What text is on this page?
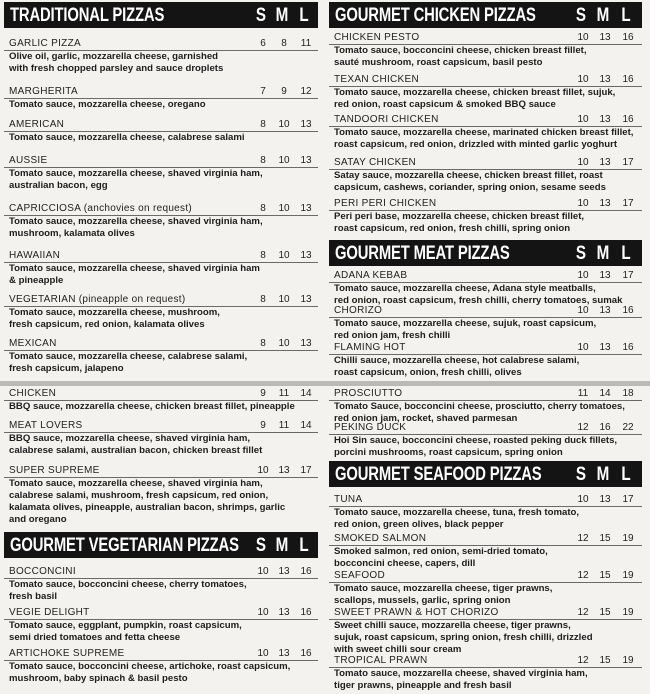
TRADITIONAL PIZZAS	S M L
GARLIC PIZZA	6	8	11
Olive oil, garlic, mozzarella cheese, garnished
with fresh chopped parsley and sauce droplets
MARGHERITA	7	9	12
Tomato sauce, mozzarella cheese, oregano
AMERICAN	8	10	13
Tomato sauce, mozzarella cheese, calabrese salami
AUSSIE	8	10	13
Tomato sauce, mozzarella cheese, shaved virginia ham,
australian bacon, egg
CAPRICCIOSA (anchovies on request)	8	10	13
Tomato sauce, mozzarella cheese, shaved virginia ham,
mushroom, kalamata olives
HAWAIIAN	8	10	13
Tomato sauce, mozzarella cheese, shaved virginia ham
& pineapple
VEGETARIAN (pineapple on request)	8	10	13
Tomato sauce, mozzarella cheese, mushroom,
fresh capsicum, red onion, kalamata olives
MEXICAN	8	10	13
Tomato sauce, mozzarella cheese, calabrese salami,
fresh capsicum, jalapeno
CHICKEN	9	11	14
BBQ sauce, mozzarella cheese, chicken breast fillet, pineapple
MEAT LOVERS	9	11	14
BBQ sauce, mozzarella cheese, shaved virginia ham,
calabrese salami, australian bacon, chicken breast fillet
SUPER SUPREME	10 13	17
Tomato sauce, mozzarella cheese, shaved virginia ham,
calabrese salami, mushroom, fresh capsicum, red onion,
kalamata olives, pineapple, australian bacon, shrimps, garlic
and oregano
GOURMET VEGETARIAN PIZZAS S M L
BOCCONCINI	10 13	16
Tomato sauce, bocconcini cheese, cherry tomatoes,
fresh basil
VEGIE DELIGHT	10 13	16
Tomato sauce, eggplant, pumpkin, roast capsicum,
semi dried tomatoes and fetta cheese
ARTICHOKE SUPREME	10 13	16
Tomato sauce, bocconcini cheese, artichoke, roast capsicum,
mushroom, baby spinach & basil pesto
GOURMET CHICKEN PIZZAS S M L
CHICKEN PESTO	10	13	16
Tomato sauce, bocconcini cheese, chicken breast fillet,
sauté mushroom, roast capsicum, basil pesto
TEXAN CHICKEN	10	13	16
Tomato sauce, mozzarella cheese, chicken breast fillet, sujuk,
red onion, roast capsicum & smoked BBQ sauce
TANDOORI CHICKEN	10	13	16
Tomato sauce, mozzarella cheese, marinated chicken breast fillet,
roast capsicum, red onion, drizzled with minted garlic yoghurt
SATAY CHICKEN	10	13	17
Satay sauce, mozzarella cheese, chicken breast fillet, roast
capsicum, cashews, coriander, spring onion, sesame seeds
PERI PERI CHICKEN	10	13	17
Peri peri base, mozzarella cheese, chicken breast fillet,
roast capsicum, red onion, fresh chilli, spring onion
GOURMET MEAT PIZZAS	S M L
ADANA KEBAB	10	13	17
Tomato sauce, mozzarella cheese, Adana style meatballs,
red onion, roast capsicum, fresh chilli, cherry tomatoes, sumak
CHORIZO	10	13	16
Tomato sauce, mozzarella cheese, sujuk, roast capsicum,
red onion jam, fresh chilli
FLAMING HOT	10	13	16
Chilli sauce, mozzarella cheese, hot calabrese salami,
roast capsicum, onion, fresh chilli, olives
PROSCIUTTO	11	14	18
Tomato Sauce, bocconcini cheese, prosciutto, cherry tomatoes,
red onion jam, rocket, shaved parmesan
PEKING DUCK	12	16	22
Hoi Sin sauce, bocconcini cheese, roasted peking duck fillets,
porcini mushrooms, roast capsicum, spring onion
GOURMET SEAFOOD PIZZAS S M L
TUNA	10	13	17
Tomato sauce, mozzarella cheese, tuna, fresh tomato,
red onion, green olives, black pepper
SMOKED SALMON	12	15	19
Smoked salmon, red onion, semi-dried tomato,
bocconcini cheese, capers, dill
SEAFOOD	12	15	19
Tomato sauce, mozzarella cheese, tiger prawns,
scallops, mussels, garlic, spring onion
SWEET PRAWN & HOT CHORIZO	12	15	19
Sweet chilli sauce, mozzarella cheese, tiger prawns,
sujuk, roast capsicum, spring onion, fresh chilli, drizzled
with sweet chilli sour cream
TROPICAL PRAWN	12	15	19
Tomato sauce, mozzarella cheese, shaved virginia ham,
tiger prawns, pineapple and fresh basil
